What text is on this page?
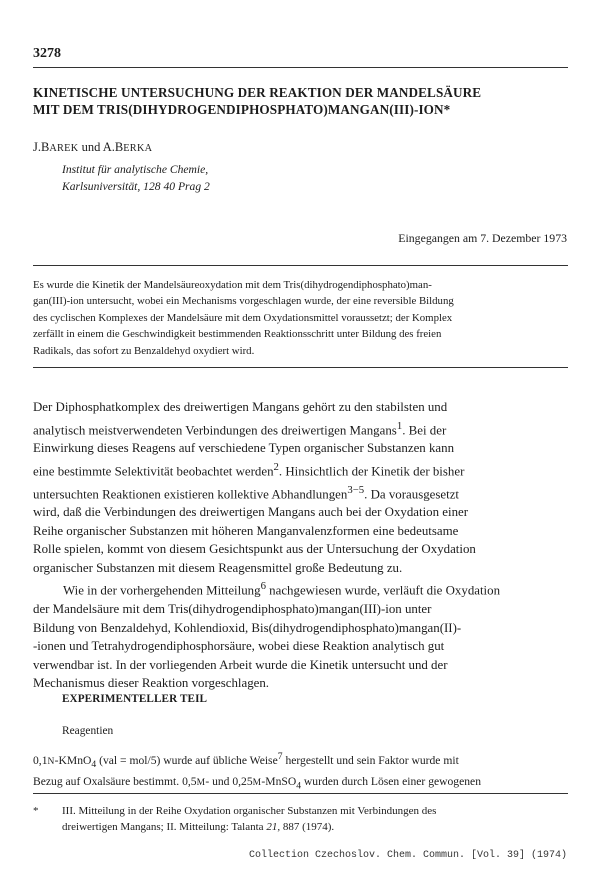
3278
KINETISCHE UNTERSUCHUNG DER REAKTION DER MANDELSÄURE
MIT DEM TRIS(DIHYDROGENDIPHOSPHATO)MANGAN(III)-ION*
J.BAREK und A.BERKA
Institut für analytische Chemie,
Karlsuniversität, 128 40 Prag 2
Eingegangen am 7. Dezember 1973
Es wurde die Kinetik der Mandelsäureoxydation mit dem Tris(dihydrogendiphosphato)man-
gan(III)-ion untersucht, wobei ein Mechanisms vorgeschlagen wurde, der eine reversible Bildung
des cyclischen Komplexes der Mandelsäure mit dem Oxydationsmittel voraussetzt; der Komplex
zerfällt in einem die Geschwindigkeit bestimmenden Reaktionsschritt unter Bildung des freien
Radikals, das sofort zu Benzaldehyd oxydiert wird.
Der Diphosphatkomplex des dreiwertigen Mangans gehört zu den stabilsten und
analytisch meistverwendeten Verbindungen des dreiwertigen Mangans$^1$. Bei der
Einwirkung dieses Reagens auf verschiedene Typen organischer Substanzen kann
eine bestimmte Selektivität beobachtet werden$^2$. Hinsichtlich der Kinetik der bisher
untersuchten Reaktionen existieren kollektive Abhandlungen$^{3-5}$. Da vorausgesetzt
wird, daß die Verbindungen des dreiwertigen Mangans auch bei der Oxydation einer
Reihe organischer Substanzen mit höheren Manganvalenzformen eine bedeutsame
Rolle spielen, kommt von diesem Gesichtspunkt aus der Untersuchung der Oxydation
organischer Substanzen mit diesem Reagensmittel große Bedeutung zu.
Wie in der vorhergehenden Mitteilung$^6$ nachgewiesen wurde, verläuft die Oxydation
der Mandelsäure mit dem Tris(dihydrogendiphosphato)mangan(III)-ion unter
Bildung von Benzaldehyd, Kohlendioxid, Bis(dihydrogendiphosphato)mangan(II)-
-ionen und Tetrahydrogendiphosphorsäure, wobei diese Reaktion analytisch gut
verwendbar ist. In der vorliegenden Arbeit wurde die Kinetik untersucht und der
Mechanismus dieser Reaktion vorgeschlagen.
EXPERIMENTELLER TEIL
Reagentien
0,1N-KMnO$_4$ (val = mol/5) wurde auf übliche Weise$^7$ hergestellt und sein Faktor wurde mit
Bezug auf Oxalsäure bestimmt. 0,5M- und 0,25M-MnSO$_4$ wurden durch Lösen einer gewogenen
* III. Mitteilung in der Reihe Oxydation organischer Substanzen mit Verbindungen des
dreiwertigen Mangans; II. Mitteilung: Talanta 21, 887 (1974).
Collection Czechoslov. Chem. Commun. [Vol. 39] (1974)
